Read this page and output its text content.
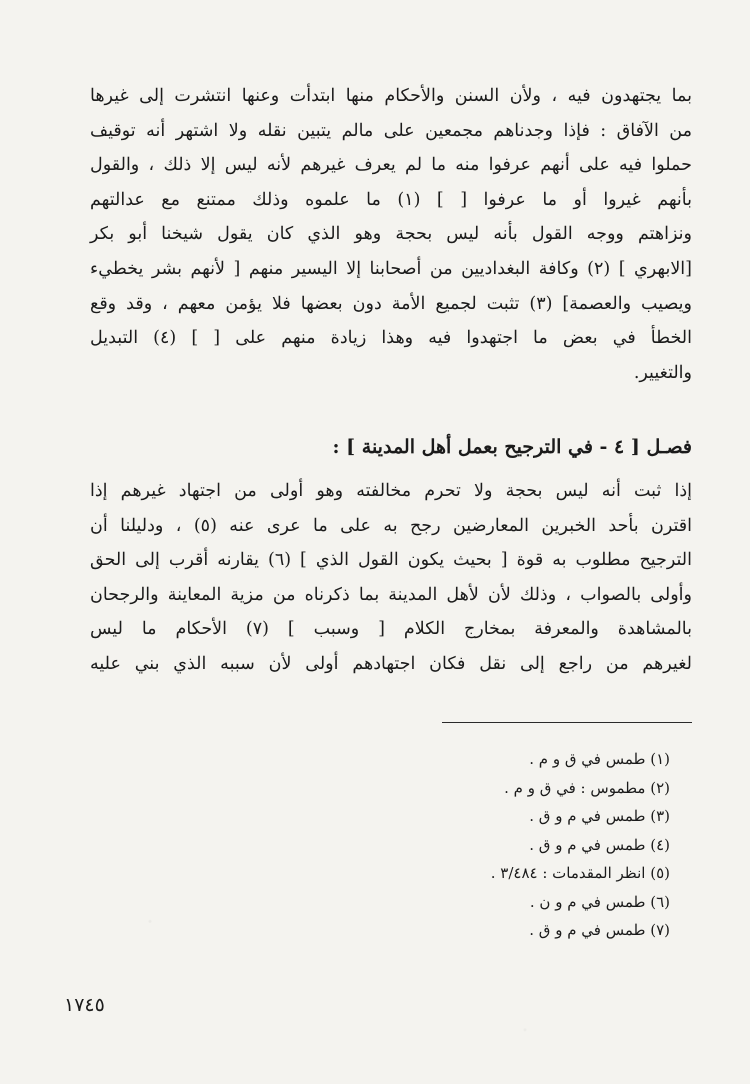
بما يجتهدون فيه ، ولأن السنن والأحكام منها ابتدأت وعنها انتشرت إلى غيرها
من الآفاق : فإذا وجدناهم مجمعين على مالم يتبين نقله ولا اشتهر أنه توقيف
حملوا فيه على أنهم عرفوا منه ما لم يعرف غيرهم لأنه ليس إلا ذلك ، والقول
بأنهم غيروا أو ما عرفوا [ ] (١) ما علموه وذلك ممتنع مع عدالتهم
ونزاهتم ووجه القول بأنه ليس بحجة وهو الذي كان يقول شيخنا أبو بكر
[الابهري ] (٢) وكافة البغداديين من أصحابنا إلا اليسير منهم [ لأنهم بشر يخطيء
ويصيب والعصمة] (٣) تثبت لجميع الأمة دون بعضها فلا يؤمن معهم ، وقد وقع
الخطأ في بعض ما اجتهدوا فيه وهذا زيادة منهم على [ ] (٤) التبديل
والتغيير.
فصـل [ ٤ - في الترجيح بعمل أهل المدينة ] :
إذا ثبت أنه ليس بحجة ولا تحرم مخالفته وهو أولى من اجتهاد غيرهم إذا
اقترن بأحد الخبرين المعارضين رجح به على ما عرى عنه (٥) ، ودليلنا أن
الترجيح مطلوب به قوة [ بحيث يكون القول الذي ] (٦) يقارنه أقرب إلى الحق
وأولى بالصواب ، وذلك لأن لأهل المدينة بما ذكرناه من مزية المعاينة والرجحان
بالمشاهدة والمعرفة بمخارج الكلام [ وسبب ] (٧) الأحكام ما ليس
لغيرهم من راجع إلى نقل فكان اجتهادهم أولى لأن سببه الذي بني عليه
(١) طمس في ق و م .
(٢) مطموس : في ق و م .
(٣) طمس في م و ق .
(٤) طمس في م و ق .
(٥) انظر المقدمات : ٣/٤٨٤ .
(٦) طمس في م و ن .
(٧) طمس في م و ق .
١٧٤٥
